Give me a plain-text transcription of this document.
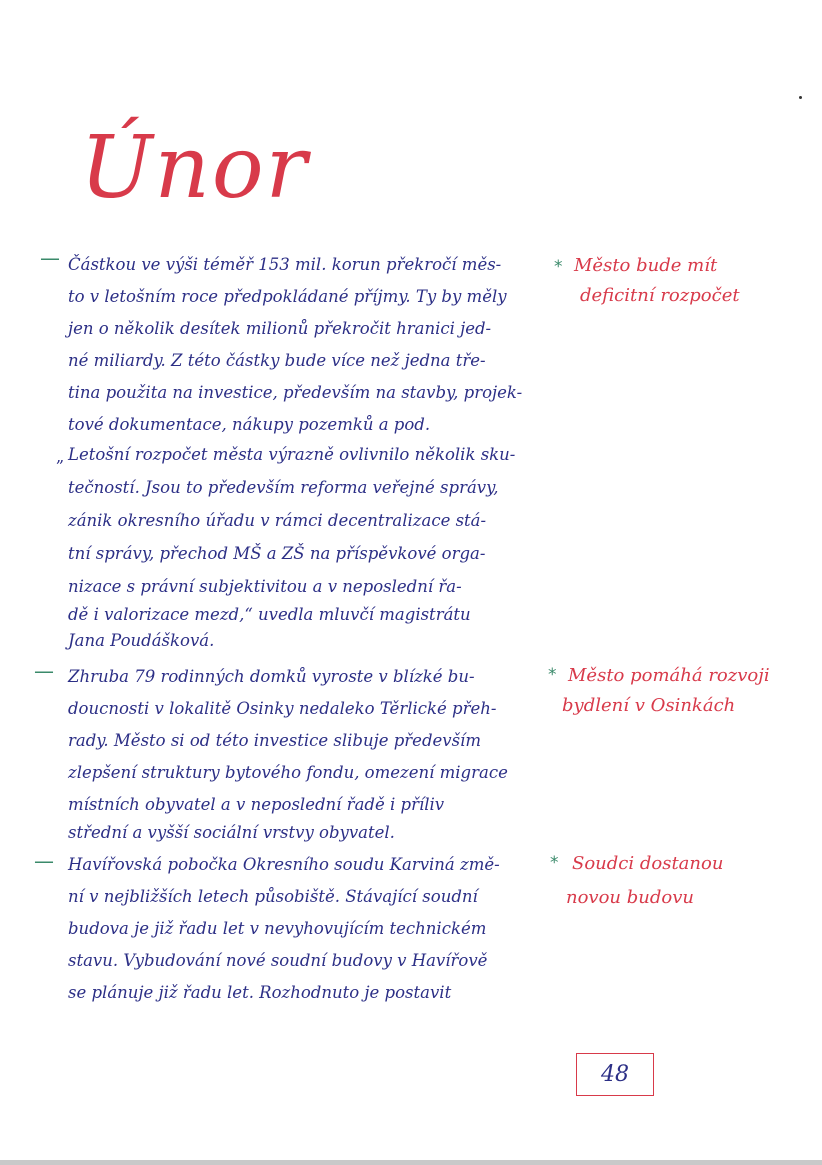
Únor
— Částkou ve výši téměř 153 mil. korun překročí měs-
to v letošním roce předpokládané příjmy. Ty by měly
jen o několik desítek milionů překročit hranici jed-
né miliardy. Z této částky bude více než jedna tře-
tina použita na investice, především na stavby, projek-
tové dokumentace, nákupy pozemků a pod.
„ Letošní rozpočet města výrazně ovlivnilo několik sku-
tečností. Jsou to především reforma veřejné správy,
zánik okresního úřadu v rámci decentralizace stá-
tní správy, přechod MŠ a ZŠ na příspěvkové orga-
nizace s právní subjektivitou a v neposlední řa-
dě i valorizace mezd,“ uvedla mluvčí magistrátu
Jana Poudášková.
— Zhruba 79 rodinných domků vyroste v blízké bu-
doucnosti v lokalitě Osinky nedaleko Těrlické přeh-
rady. Město si od této investice slibuje především
zlepšení struktury bytového fondu, omezení migrace
místních obyvatel a v neposlední řadě i příliv
střední a vyšší sociální vrstvy obyvatel.
— Havířovská pobočka Okresního soudu Karviná změ-
ní v nejbližších letech působiště. Stávající soudní
budova je již řadu let v nevyhovujícím technickém
stavu. Vybudování nové soudní budovy v Havířově
se plánuje již řadu let. Rozhodnuto je postavit
* Město bude mít
deficitní rozpočet
* Město pomáhá rozvoji
bydlení v Osinkách
* Soudci dostanou
novou budovu
48
